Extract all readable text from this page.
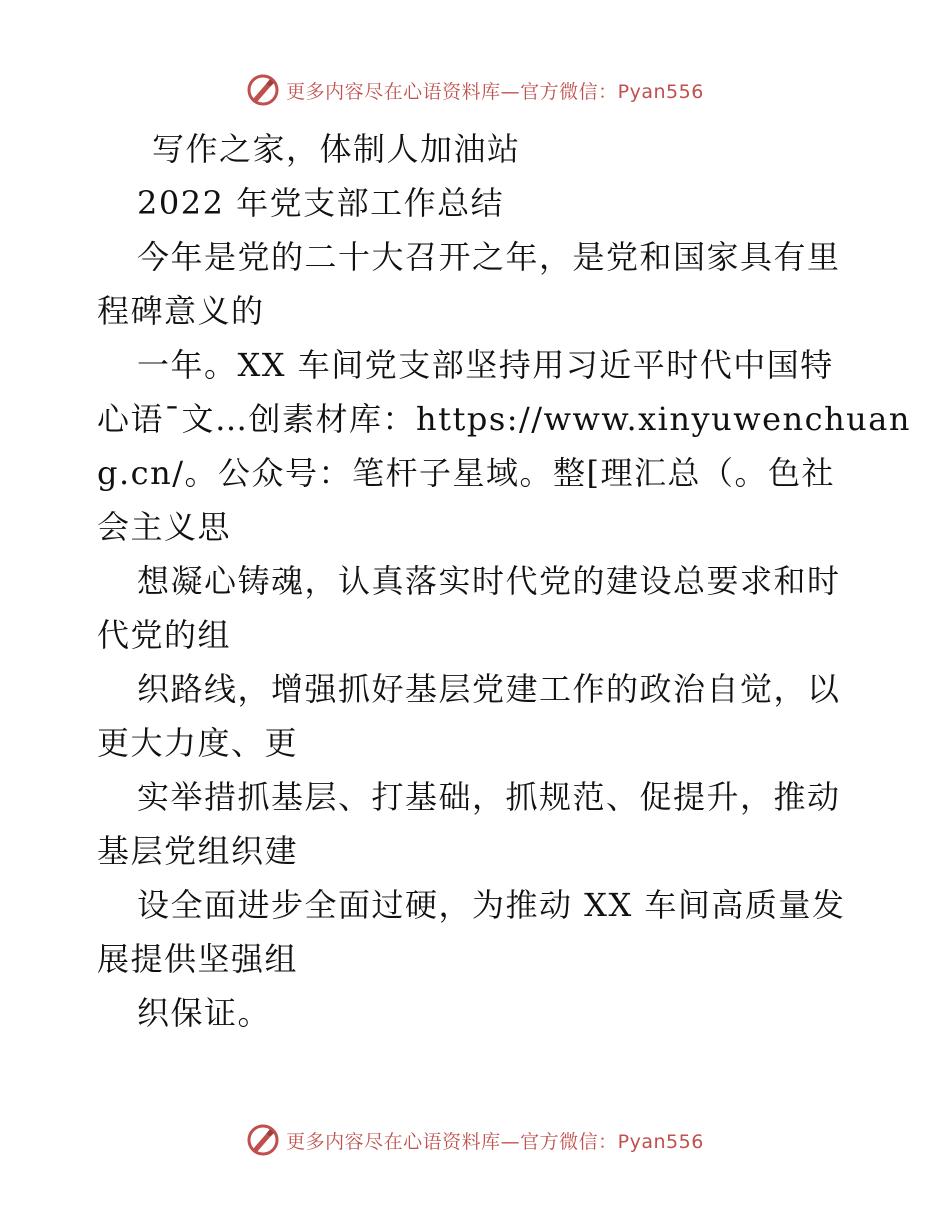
更多内容尽在心语资料库—官方微信：Pyan556
写作之家，体制人加油站
2022 年党支部工作总结
今年是党的二十大召开之年，是党和国家具有里
程碑意义的
一年。XX 车间党支部坚持用习近平时代中国特
心语¯文…创素材库：https://www.xinyuwenchuan
g.cn/。公众号：笔杆子星域。整[理汇总（。色社
会主义思
想凝心铸魂，认真落实时代党的建设总要求和时
代党的组
织路线，增强抓好基层党建工作的政治自觉，以
更大力度、更
实举措抓基层、打基础，抓规范、促提升，推动
基层党组织建
设全面进步全面过硬，为推动 XX 车间高质量发
展提供坚强组
织保证。
更多内容尽在心语资料库—官方微信：Pyan556
